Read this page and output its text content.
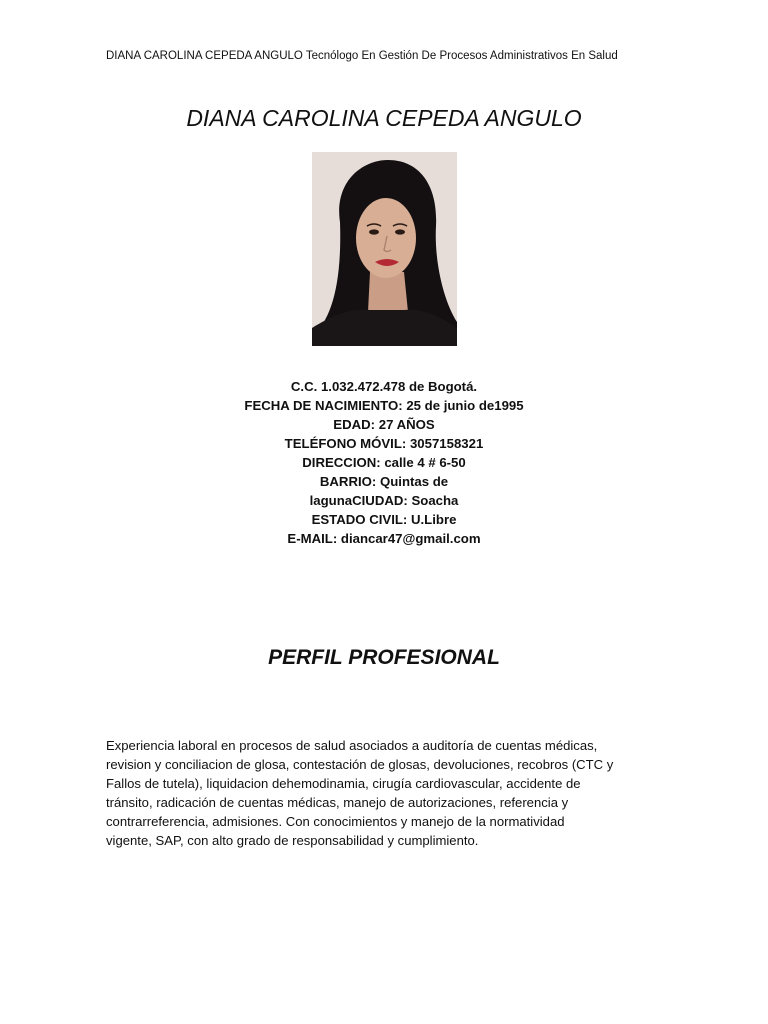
DIANA CAROLINA CEPEDA ANGULO Tecnólogo En Gestión De Procesos Administrativos En Salud
DIANA CAROLINA CEPEDA ANGULO
C.C. 1.032.472.478 de Bogotá.
FECHA DE NACIMIENTO: 25 de junio de1995
EDAD: 27 AÑOS
TELÉFONO MÓVIL: 3057158321
DIRECCION: calle 4 # 6-50
BARRIO: Quintas de
lagunaCIUDAD: Soacha
ESTADO CIVIL: U.Libre
E-MAIL: diancar47@gmail.com
PERFIL PROFESIONAL
Experiencia laboral en procesos de salud asociados a auditoría de cuentas médicas,
revision y conciliacion de glosa, contestación de glosas, devoluciones, recobros (CTC y
Fallos de tutela), liquidacion dehemodinamia, cirugía cardiovascular, accidente de
tránsito, radicación de cuentas médicas, manejo de autorizaciones, referencia y
contrarreferencia, admisiones. Con conocimientos y manejo de la normatividad
vigente, SAP, con alto grado de responsabilidad y cumplimiento.
